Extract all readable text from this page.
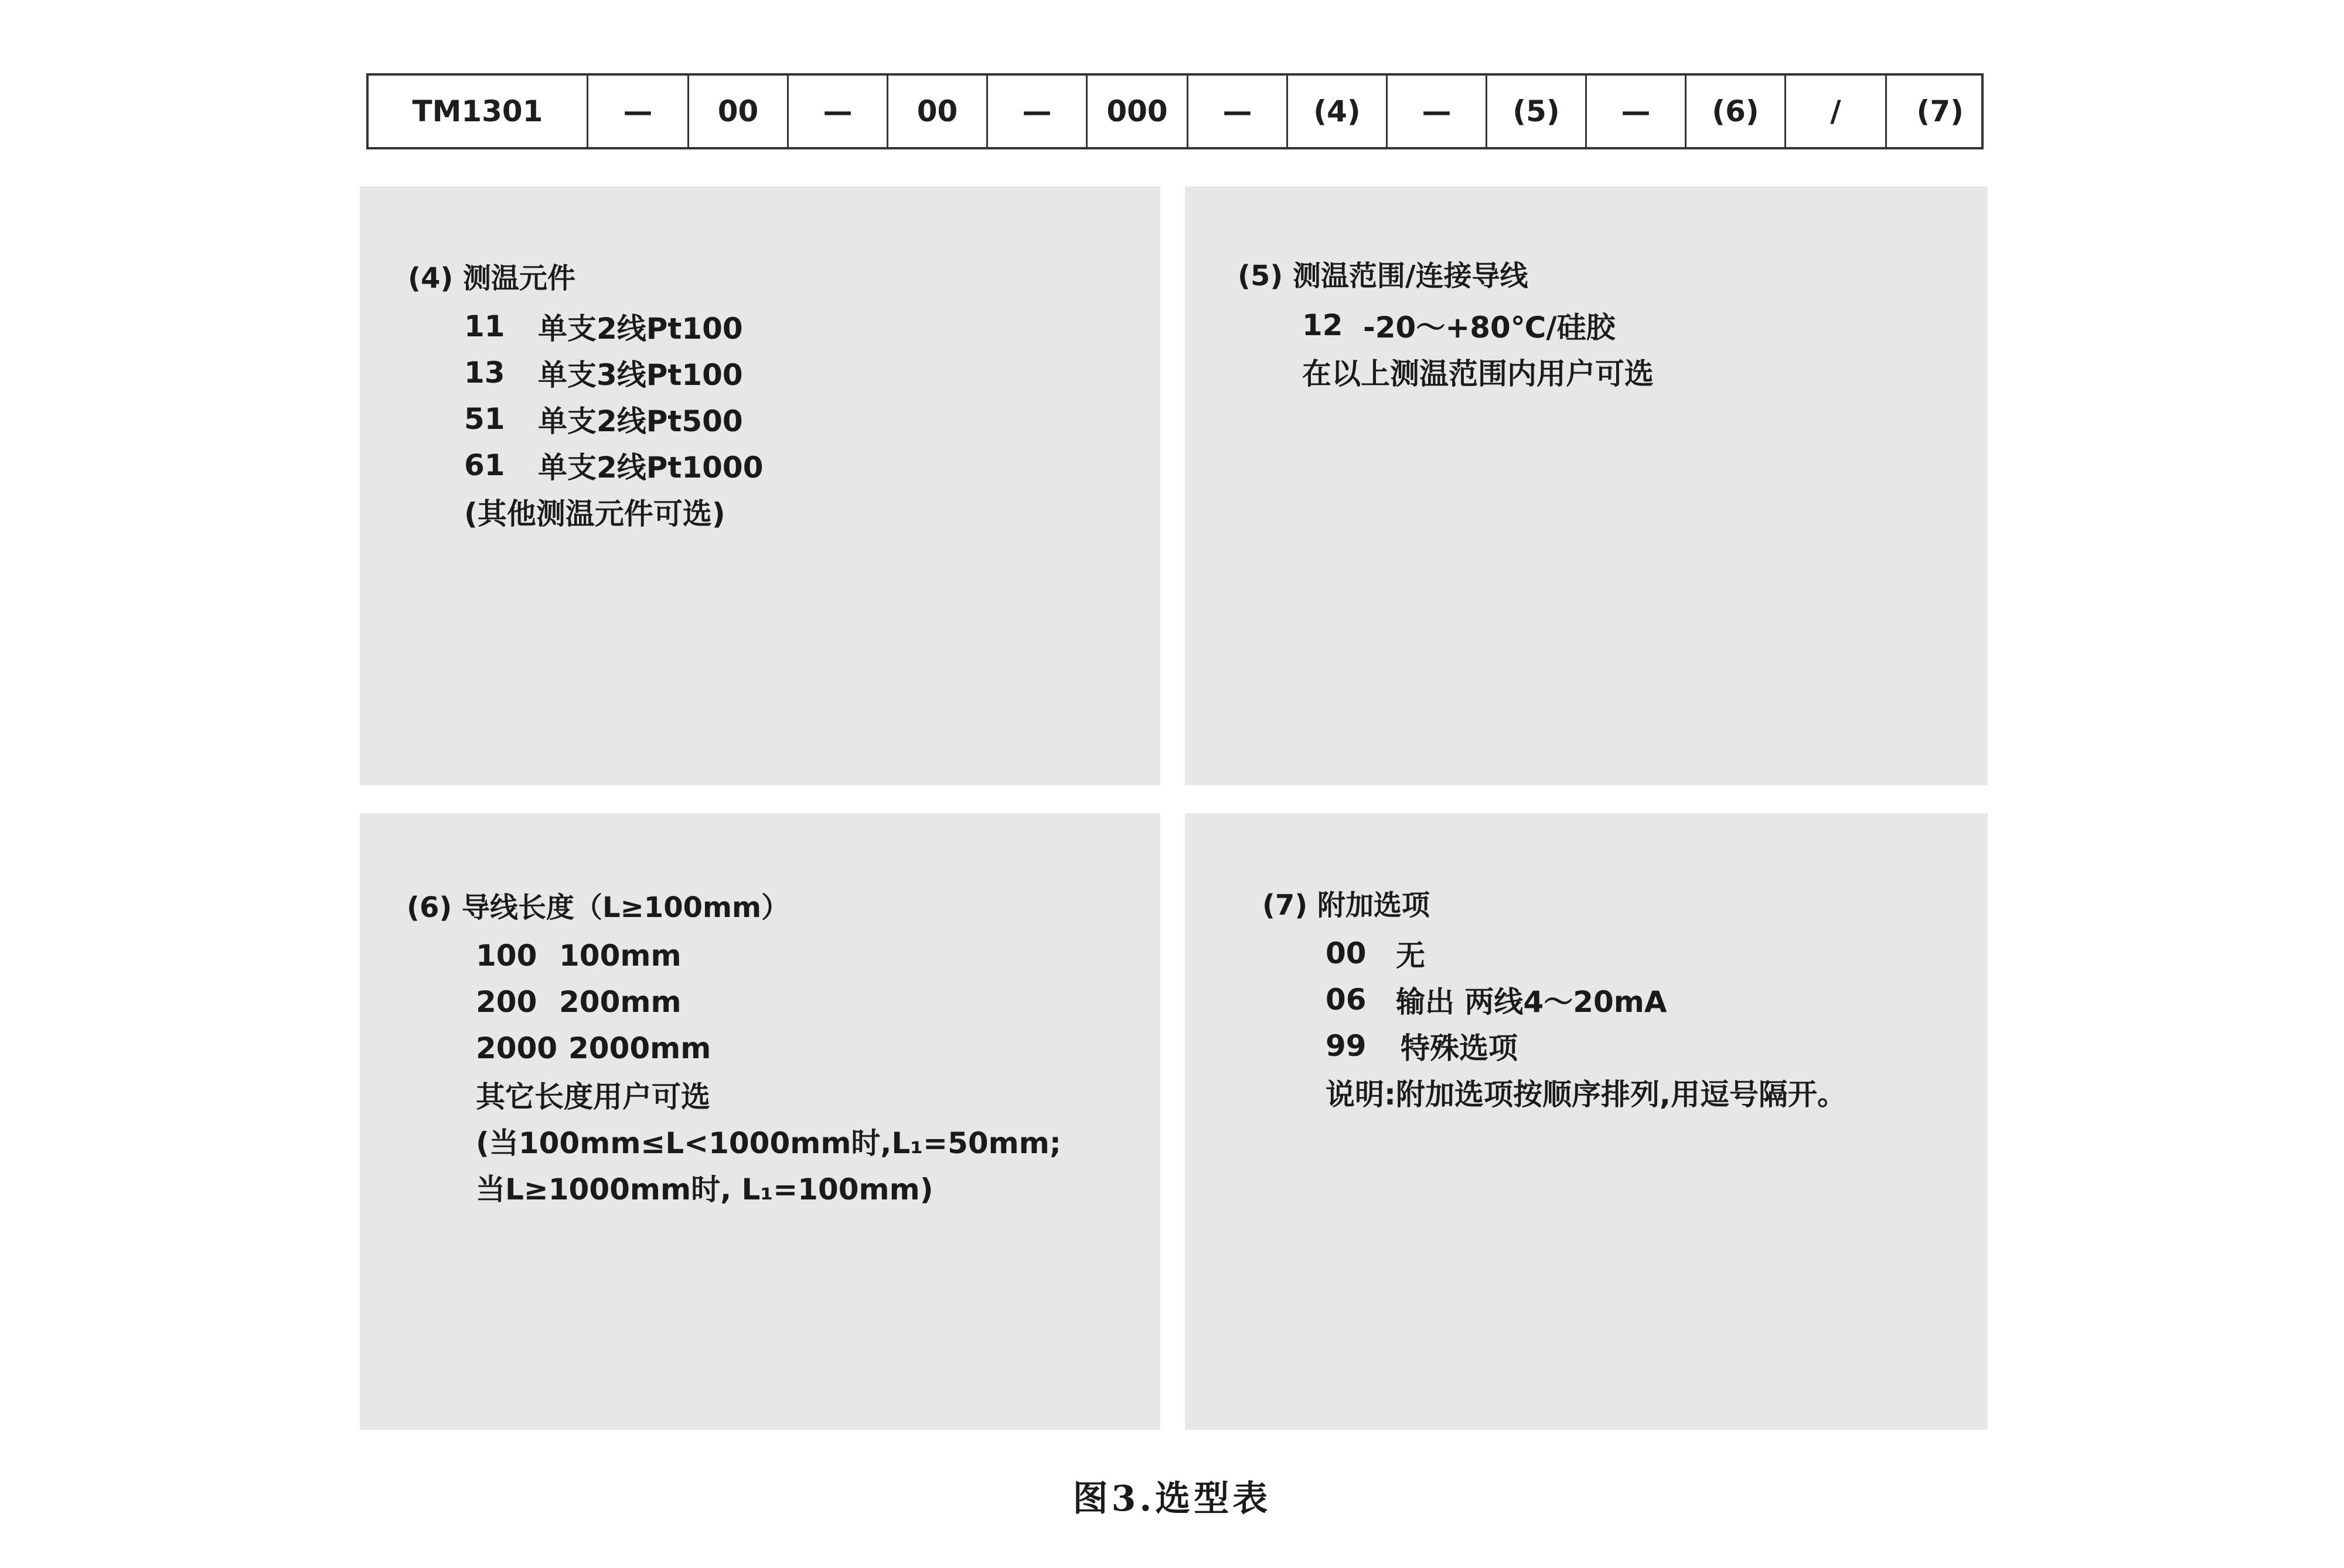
TM1301	—	00	—	00	—	000	—	(4)	—	(5)	—	(6)	/	(7)
(4) 测温元件
11	单支2线Pt100
13	单支3线Pt100
51	单支2线Pt500
61	单支2线Pt1000
(其他测温元件可选)
(5) 测温范围/连接导线
12 -20～+80℃/硅胶
在以上测温范围内用户可选
(6) 导线长度（L≥100mm）
100 100mm
200 200mm
2000 2000mm
其它长度用户可选
(当100mm≤L<1000mm时,L₁=50mm;
当L≥1000mm时, L₁=100mm)
(7) 附加选项
00	无
06	输出 两线4～20mA
99	特殊选项
说明:附加选项按顺序排列,用逗号隔开。
图3.选型表
